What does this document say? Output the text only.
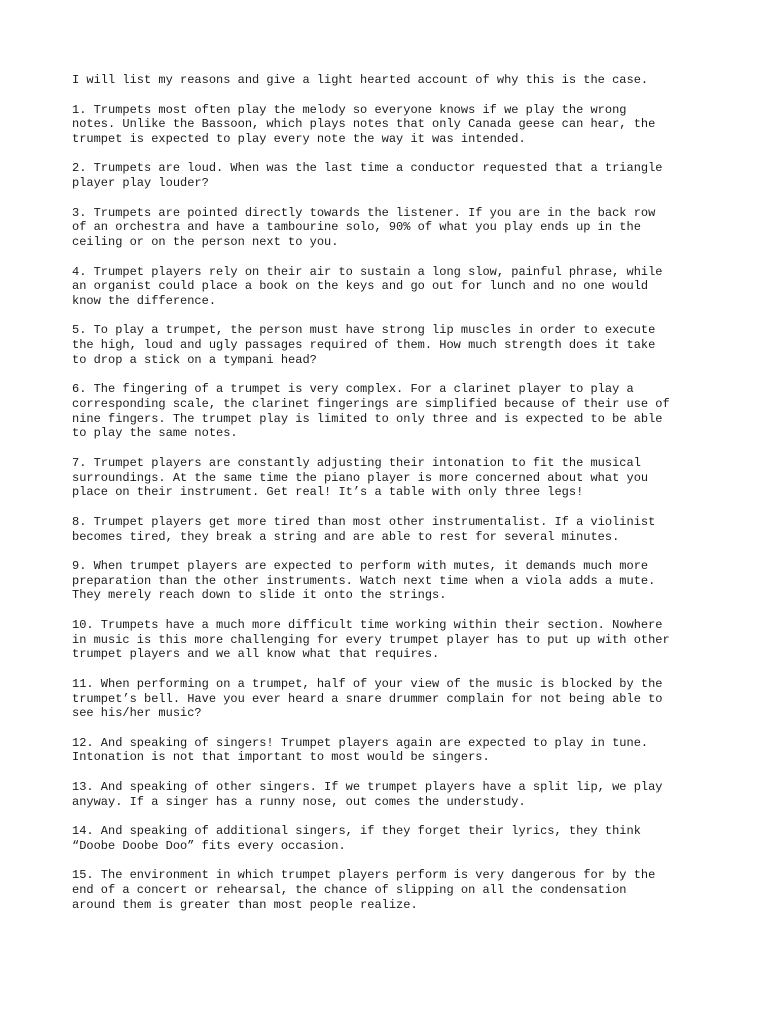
I will list my reasons and give a light hearted account of why this is the case.

1. Trumpets most often play the melody so everyone knows if we play the wrong
notes. Unlike the Bassoon, which plays notes that only Canada geese can hear, the
trumpet is expected to play every note the way it was intended.

2. Trumpets are loud. When was the last time a conductor requested that a triangle
player play louder?

3. Trumpets are pointed directly towards the listener. If you are in the back row
of an orchestra and have a tambourine solo, 90% of what you play ends up in the
ceiling or on the person next to you.

4. Trumpet players rely on their air to sustain a long slow, painful phrase, while
an organist could place a book on the keys and go out for lunch and no one would
know the difference.

5. To play a trumpet, the person must have strong lip muscles in order to execute
the high, loud and ugly passages required of them. How much strength does it take
to drop a stick on a tympani head?

6. The fingering of a trumpet is very complex. For a clarinet player to play a
corresponding scale, the clarinet fingerings are simplified because of their use of
nine fingers. The trumpet play is limited to only three and is expected to be able
to play the same notes.

7. Trumpet players are constantly adjusting their intonation to fit the musical
surroundings. At the same time the piano player is more concerned about what you
place on their instrument. Get real! It’s a table with only three legs!

8. Trumpet players get more tired than most other instrumentalist. If a violinist
becomes tired, they break a string and are able to rest for several minutes.

9. When trumpet players are expected to perform with mutes, it demands much more
preparation than the other instruments. Watch next time when a viola adds a mute.
They merely reach down to slide it onto the strings.

10. Trumpets have a much more difficult time working within their section. Nowhere
in music is this more challenging for every trumpet player has to put up with other
trumpet players and we all know what that requires.

11. When performing on a trumpet, half of your view of the music is blocked by the
trumpet’s bell. Have you ever heard a snare drummer complain for not being able to
see his/her music?

12. And speaking of singers! Trumpet players again are expected to play in tune.
Intonation is not that important to most would be singers.

13. And speaking of other singers. If we trumpet players have a split lip, we play
anyway. If a singer has a runny nose, out comes the understudy.

14. And speaking of additional singers, if they forget their lyrics, they think
“Doobe Doobe Doo” fits every occasion.

15. The environment in which trumpet players perform is very dangerous for by the
end of a concert or rehearsal, the chance of slipping on all the condensation
around them is greater than most people realize.
